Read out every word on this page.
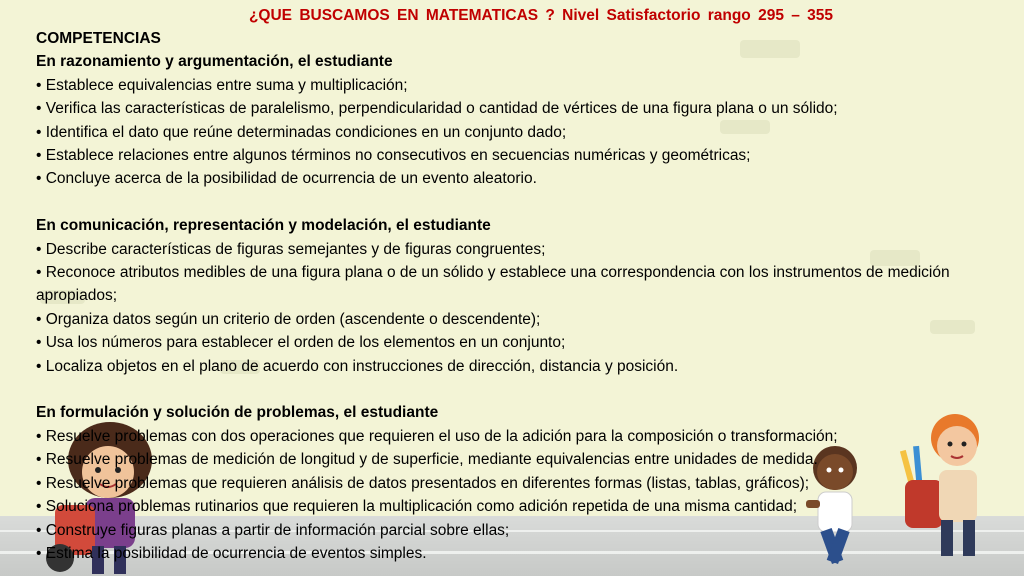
¿QUE BUSCAMOS EN MATEMATICAS ? Nivel Satisfactorio rango 295 – 355
COMPETENCIAS
En razonamiento y argumentación, el estudiante
• Establece equivalencias entre suma y multiplicación;
• Verifica las características de paralelismo, perpendicularidad o cantidad de vértices de una figura plana o un sólido;
• Identifica el dato que reúne determinadas condiciones en un conjunto dado;
• Establece relaciones entre algunos términos no consecutivos en secuencias numéricas y geométricas;
• Concluye acerca de la posibilidad de ocurrencia de un evento aleatorio.
En comunicación, representación y modelación, el estudiante
• Describe características de figuras semejantes y de figuras congruentes;
• Reconoce atributos medibles de una figura plana o de un sólido y establece una correspondencia con los instrumentos de medición apropiados;
• Organiza datos según un criterio de orden (ascendente o descendente);
• Usa los números para establecer el orden de los elementos en un conjunto;
• Localiza objetos en el plano de acuerdo con instrucciones de dirección, distancia y posición.
En formulación y solución de problemas, el estudiante
• Resuelve problemas con dos operaciones que requieren el uso de la adición para la composición o transformación;
• Resuelve problemas de medición de longitud y de superficie, mediante equivalencias entre unidades de medida.
• Resuelve problemas que requieren análisis de datos presentados en diferentes formas (listas, tablas, gráficos);
• Soluciona problemas rutinarios que requieren la multiplicación como adición repetida de una misma cantidad;
• Construye figuras planas a partir de información parcial sobre ellas;
• Estima la posibilidad de ocurrencia de eventos simples.
